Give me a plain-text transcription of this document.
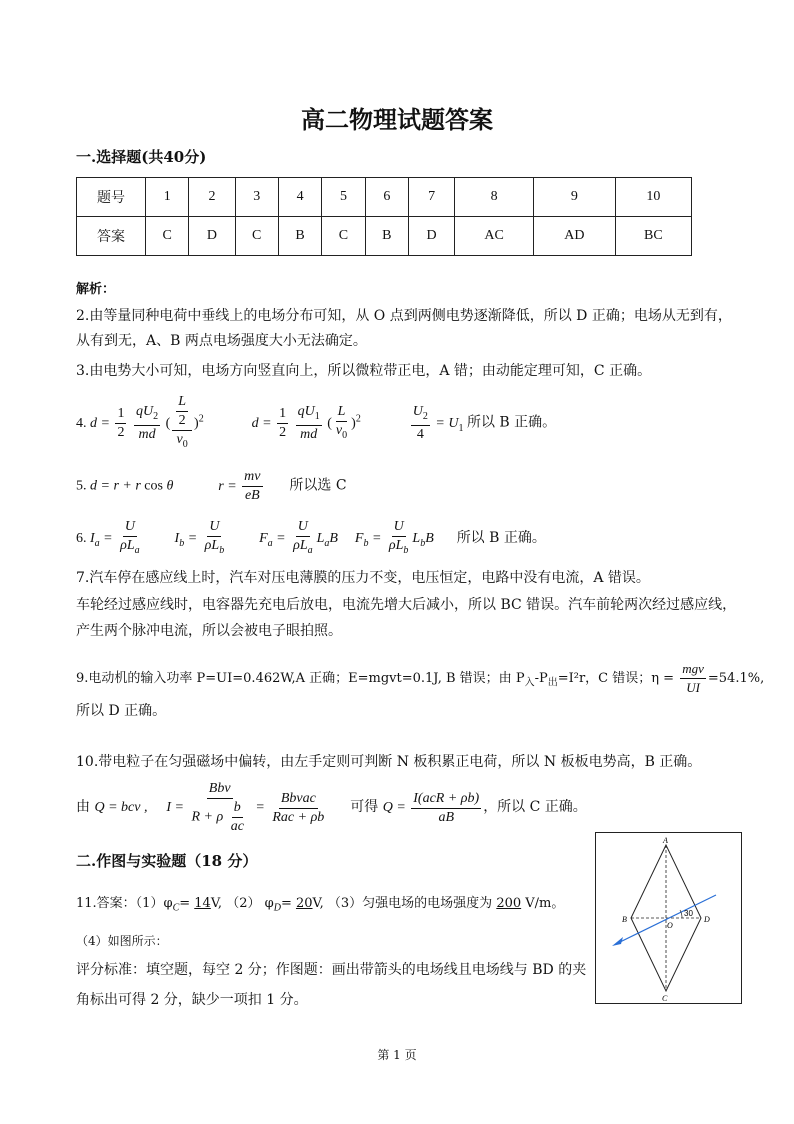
高二物理试题答案
一.选择题(共40分)
题号	1	2	3	4	5	6	7	8	9	10
答案	C	D	C	B	C	B	D	AC	AD	BC
解析：
2.由等量同种电荷中垂线上的电场分布可知，从 O 点到两侧电势逐渐降低，所以 D 正确；电场从无到有，
从有到无，A、B 两点电场强度大小无法确定。
3.由电势大小可知，电场方向竖直向上，所以微粒带正电，A 错；由动能定理可知，C 正确。
4. $d = \frac{1}{2}$
$\frac{qU_2}{md}$ ( $\frac{\frac{L}{2}}{v_0} )^2$	$d = \frac{1}{2}$
$\frac{qU_1}{md}$ ( $\frac{L}{v_0} )^2$	$\frac{U_2}{4} = U_1$ 所以 B 正确。
5. d = r + r cos θ	$r = \frac{mv}{eB}$ 所以选 C
6. $I_a = \frac{U}{\rho L_a} I_b = \frac{U}{\rho L_b} F_a = \frac{U}{\rho L_a} L_aB$ $F_b = \frac{U}{\rho L_b} L_bB$ 所以 B 正确。
7.汽车停在感应线上时，汽车对压电薄膜的压力不变，电压恒定，电路中没有电流，A 错误。
车轮经过感应线时，电容器先充电后放电，电流先增大后减小，所以 BC 错误。汽车前轮两次经过感应线，
产生两个脉冲电流，所以会被电子眼拍照。
9.电动机的输入功率 P=UI=0.462W,A 正确；E=mgvt=0.1J, B 错误；由 $P_入-P_出=I^2r$，C 错误；$\eta = \frac{\text{mgv}}{UI} =54.1\%$,
所以 D 正确。
10.带电粒子在匀强磁场中偏转，由左手定则可判断 N 板积累正电荷，所以 N 板板电势高，B 正确。
由 Q = bcv , $I = \frac{\text{Bbv}}{R + \rho \frac{b}{ac}} = \frac{\text{Bbvac}}{\text{Rac + ρb}}$ 可得 $Q = \frac{\text{I(acR + ρb)}}{aB}$ ，所以 C 正确。
二.作图与实验题（18 分）
11.答案：$(1)\varphi_C= 14V$, （2） $\varphi_D= 20V$, （3）匀强电场的电场强度为 200 V/m。
（4）如图所示：
评分标准：填空题，每空 2 分；作图题：画出带箭头的电场线且电场线与 BD 的夹
角标出可得 2 分，缺少一项扣 1 分。
A
B
C
D
O
30
第 1 页
